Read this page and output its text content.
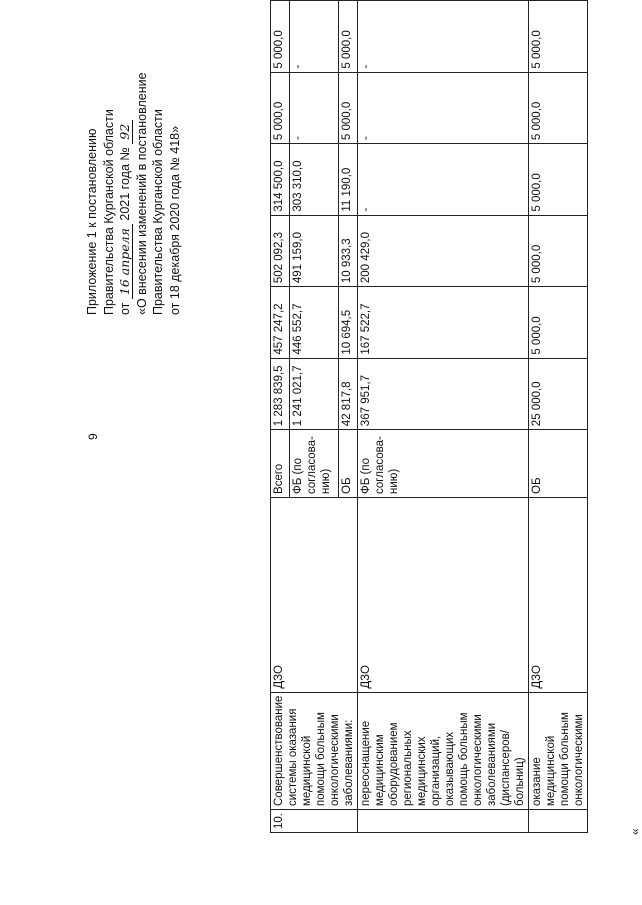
9
Приложение 1 к постановлению Правительства Курганской области от 16 апреля 2021 года № 92 «О внесении изменений в постановление Правительства Курганской области от 18 декабря 2020 года № 418»
«
10.	Совершенствование системы оказания медицинской помощи больным онкологическими заболеваниями:	ДЗО	Всего	1 283 839,5	457 247,2	502 092,3	314 500,0	5 000,0	5 000,0
			ФБ (по согласова-нию)	1 241 021,7	446 552,7	491 159,0	303 310,0	-	-
			ОБ	42 817,8	10 694,5	10 933,3	11 190,0	5 000,0	5 000,0
	переоснащение медицинским оборудованием региональных медицинских организаций, оказывающих помощь больным онкологическими заболеваниями (диспансеров/ больниц)	ДЗО	ФБ (по согласова-нию)	367 951,7	167 522,7	200 429,0	-	-	-
	оказание медицинской помощи больным онкологическими	ДЗО	ОБ	25 000,0	5 000,0	5 000,0	5 000,0	5 000,0	5 000,0
